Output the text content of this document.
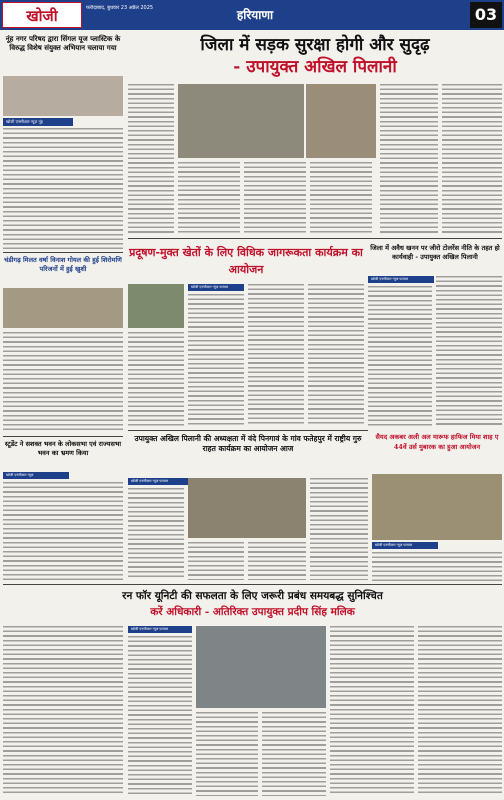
खोजी	फरीदाबाद, बुधवार 23 अप्रैल 2025	हरियाणा	03
नूंह नगर परिषद द्वारा सिंगल यूज प्लास्टिक के विरुद्ध विशेष संयुक्त अभियान चलाया गया
खोजी एनसीआर न्यूज़ नूंह
जिला में सड़क सुरक्षा होगी और सुदृढ़
- उपायुक्त अखिल पिलानी
चंडीगढ़ मिलत वर्षा विनाश गोयल की हुई शिरोमणि परिजनों में हुई खुशी
प्रदूषण-मुक्त खेतों के लिए विधिक जागरूकता कार्यक्रम का आयोजन
खोजी एनसीआर न्यूज़ पलवल
जिला में अवैध खनन पर जीरो टोलरेंस नीति के तहत हो कार्यवाही - उपायुक्त अखिल पिलानी
खोजी एनसीआर न्यूज़ पलवल
उपायुक्त अखिल पिलानी की अध्यक्षता में वंदे पिनगावं के गांव फतेहपुर में राष्ट्रीय गुरु राहत कार्यक्रम का आयोजन आज
खोजी एनसीआर न्यूज़ पलवल
सैयद अकबर अली अल मारूफ हाफिज मिया शाह ए 44वें उर्स मुबारक का हुआ आयोजन
खोजी एनसीआर न्यूज़ पलवल
स्टूडेंट ने सशक्त भवन के लोकसभा एवं राज्यसभा भवन का भ्रमण किया
खोजी एनसीआर न्यूज़
रन फॉर यूनिटी की सफलता के लिए जरूरी प्रबंध समयबद्ध सुनिश्चित
करें अधिकारी - अतिरिक्त उपायुक्त प्रदीप सिंह मलिक
खोजी एनसीआर न्यूज़ पलवल
